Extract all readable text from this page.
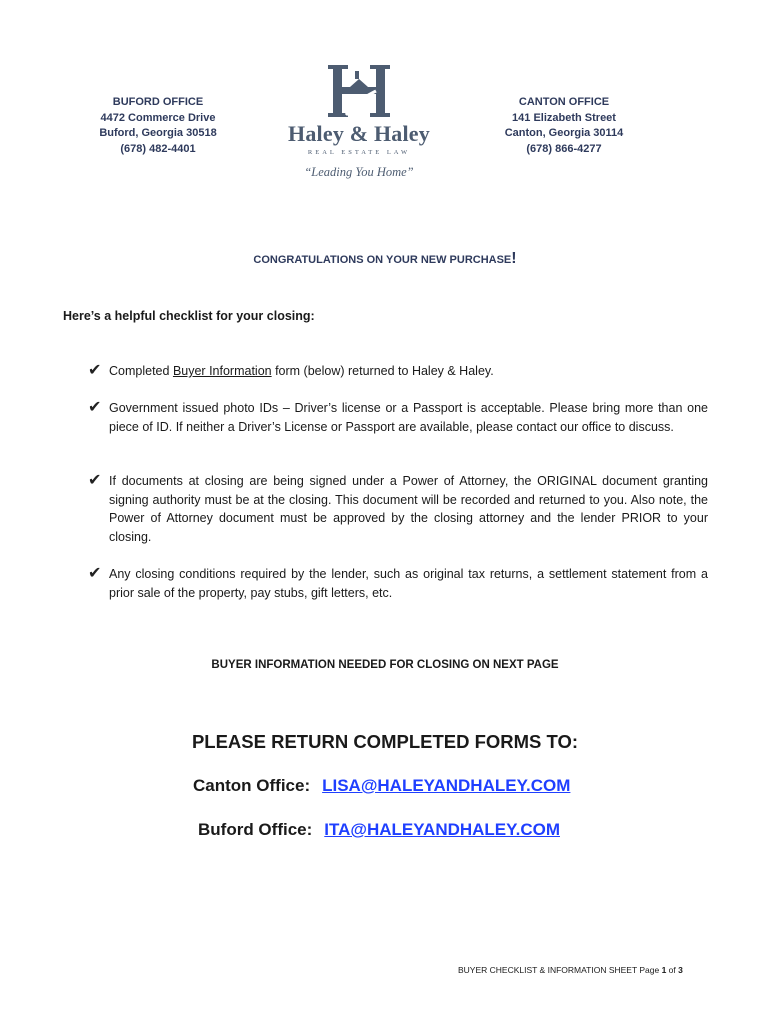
BUFORD OFFICE
4472 Commerce Drive
Buford, Georgia 30518
(678) 482-4401
Haley & Haley
REAL ESTATE LAW
“Leading You Home”
CANTON OFFICE
141 Elizabeth Street
Canton, Georgia 30114
(678) 866-4277
CONGRATULATIONS ON YOUR NEW PURCHASE!
Here’s a helpful checklist for your closing:
✔ Completed Buyer Information form (below) returned to Haley & Haley.
✔ Government issued photo IDs – Driver’s license or a Passport is acceptable. Please bring more than one piece of ID. If neither a Driver’s License or Passport are available, please contact our office to discuss.
✔ If documents at closing are being signed under a Power of Attorney, the ORIGINAL document granting signing authority must be at the closing. This document will be recorded and returned to you. Also note, the Power of Attorney document must be approved by the closing attorney and the lender PRIOR to your closing.
✔ Any closing conditions required by the lender, such as original tax returns, a settlement statement from a prior sale of the property, pay stubs, gift letters, etc.
BUYER INFORMATION NEEDED FOR CLOSING ON NEXT PAGE
PLEASE RETURN COMPLETED FORMS TO:
Canton Office: LISA@HALEYANDHALEY.COM
Buford Office: ITA@HALEYANDHALEY.COM
BUYER CHECKLIST & INFORMATION SHEET Page 1 of 3
